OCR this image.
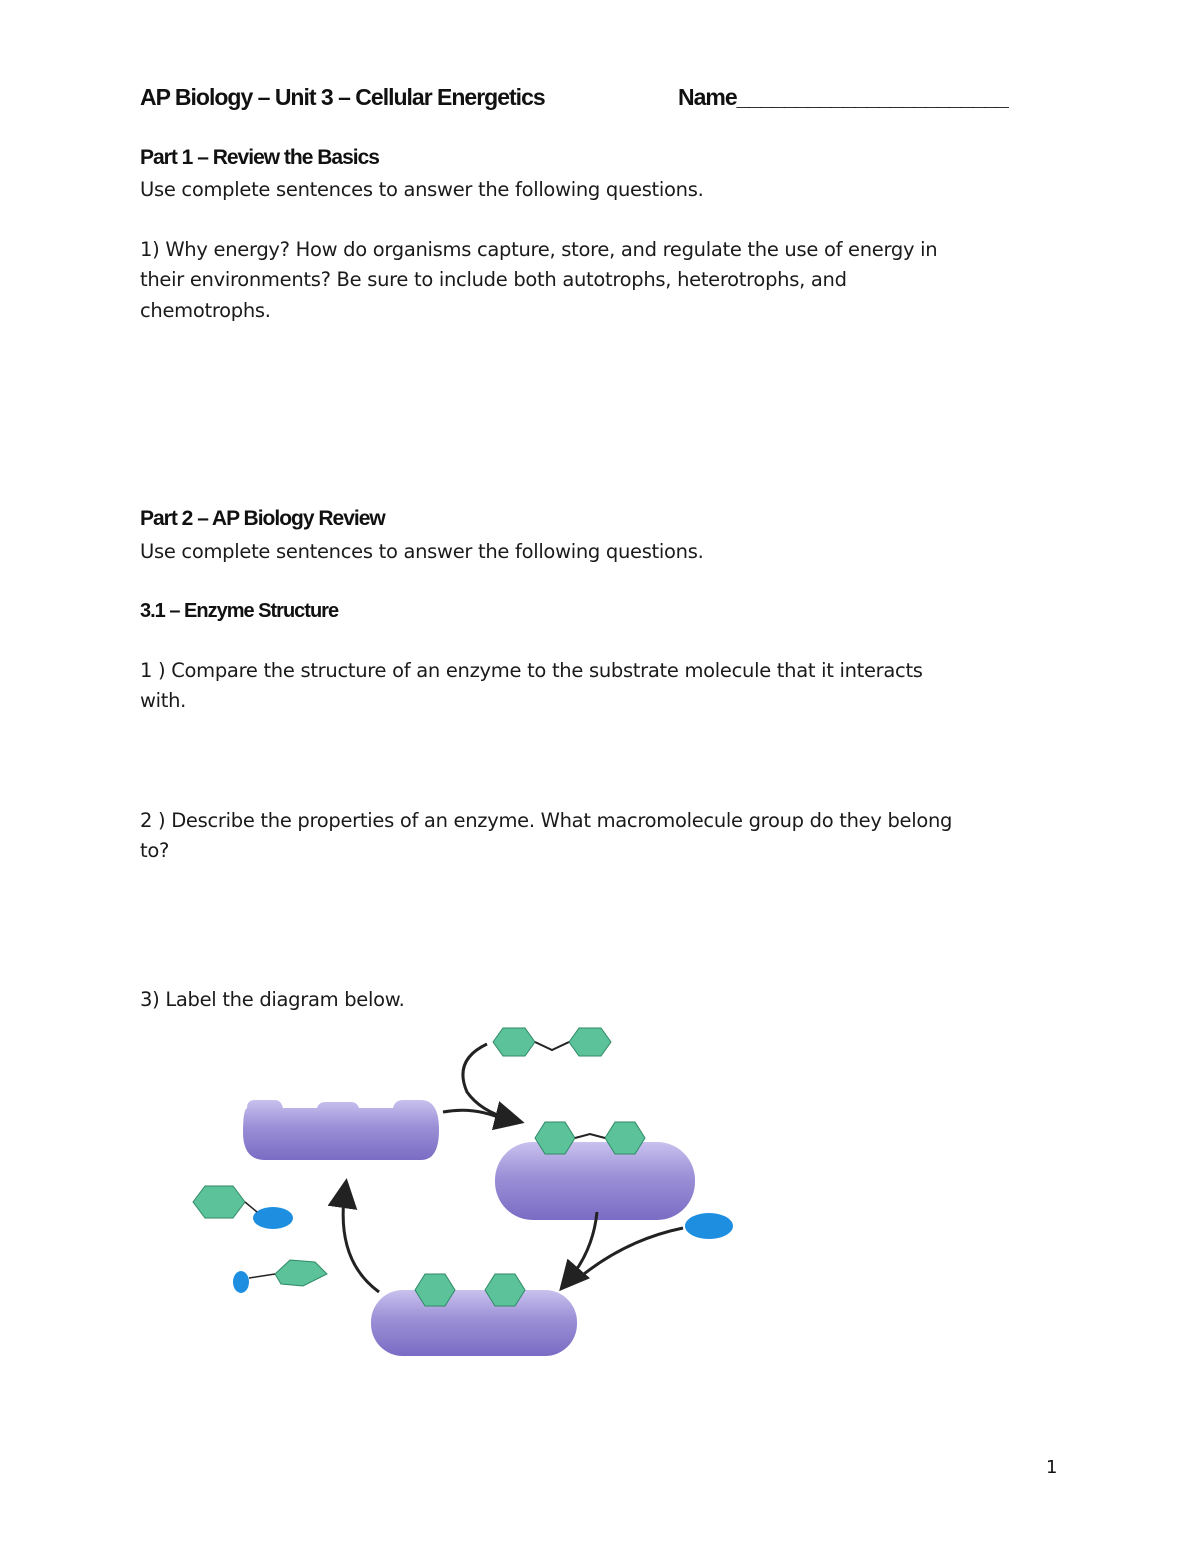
AP Biology – Unit 3 – Cellular Energetics	Name_______________________
Part 1 – Review the Basics
Use complete sentences to answer the following questions.
1) Why energy? How do organisms capture, store, and regulate the use of energy in
their environments? Be sure to include both autotrophs, heterotrophs, and
chemotrophs.
Part 2 – AP Biology Review
Use complete sentences to answer the following questions.
3.1 – Enzyme Structure
1 ) Compare the structure of an enzyme to the substrate molecule that it interacts
with.
2 ) Describe the properties of an enzyme. What macromolecule group do they belong
to?
3) Label the diagram below.
1
